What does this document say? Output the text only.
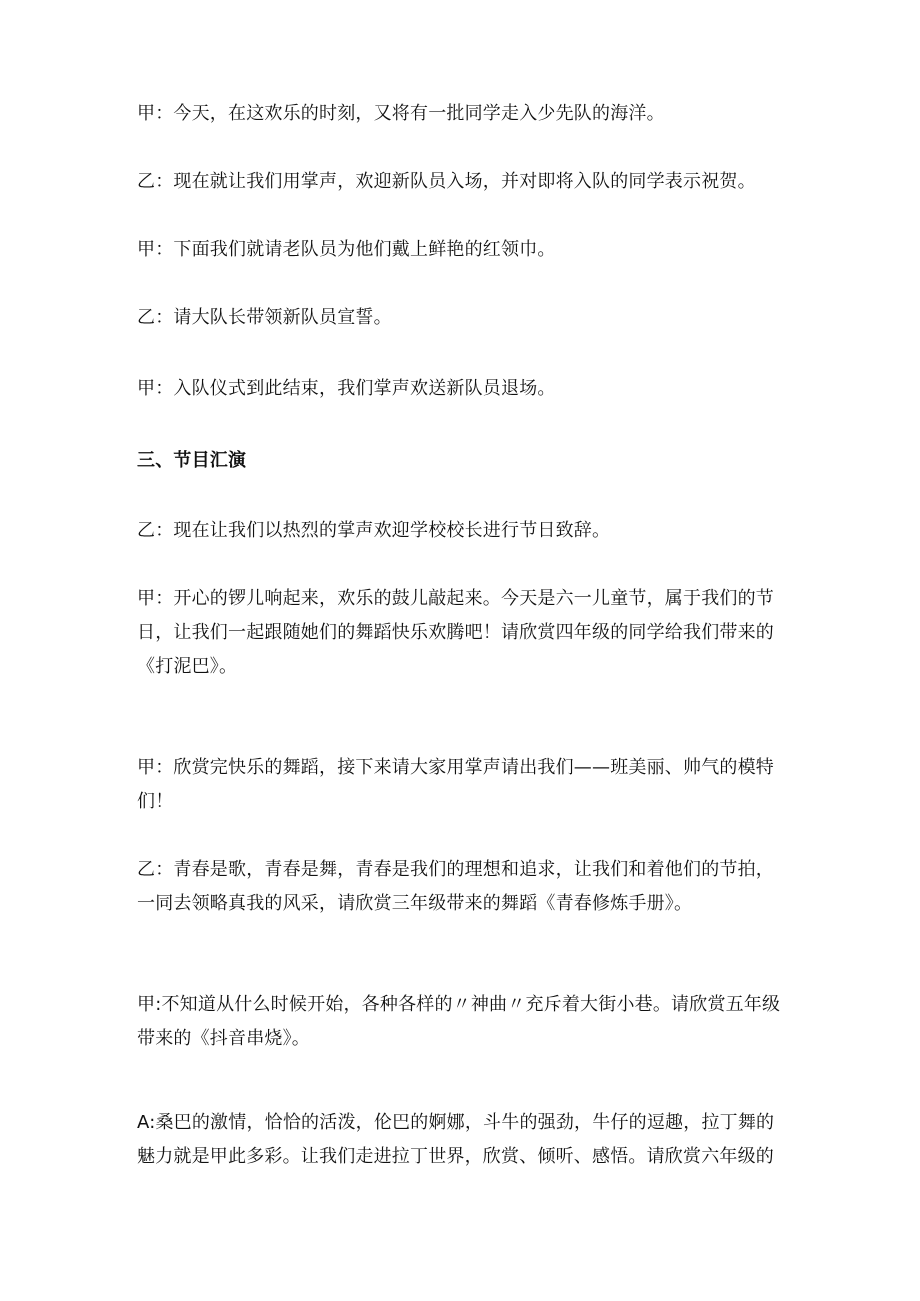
甲：今天，在这欢乐的时刻，又将有一批同学走入少先队的海洋。

乙：现在就让我们用掌声，欢迎新队员入场，并对即将入队的同学表示祝贺。

甲：下面我们就请老队员为他们戴上鲜艳的红领巾。

乙：请大队长带领新队员宣誓。

甲：入队仪式到此结束，我们掌声欢送新队员退场。

三、节目汇演

乙：现在让我们以热烈的掌声欢迎学校校长进行节日致辞。

甲：开心的锣儿响起来，欢乐的鼓儿敲起来。今天是六一儿童节，属于我们的节日，让我们一起跟随她们的舞蹈快乐欢腾吧！请欣赏四年级的同学给我们带来的《打泥巴》。

甲：欣赏完快乐的舞蹈，接下来请大家用掌声请出我们——班美丽、帅气的模特们！

乙：青春是歌，青春是舞，青春是我们的理想和追求，让我们和着他们的节拍，一同去领略真我的风采，请欣赏三年级带来的舞蹈《青春修炼手册》。

甲:不知道从什么时候开始，各种各样的〃神曲〃充斥着大街小巷。请欣赏五年级带来的《抖音串烧》。

A:桑巴的激情，恰恰的活泼，伦巴的婀娜，斗牛的强劲，牛仔的逗趣，拉丁舞的魅力就是甲此多彩。让我们走进拉丁世界，欣赏、倾听、感悟。请欣赏六年级的
